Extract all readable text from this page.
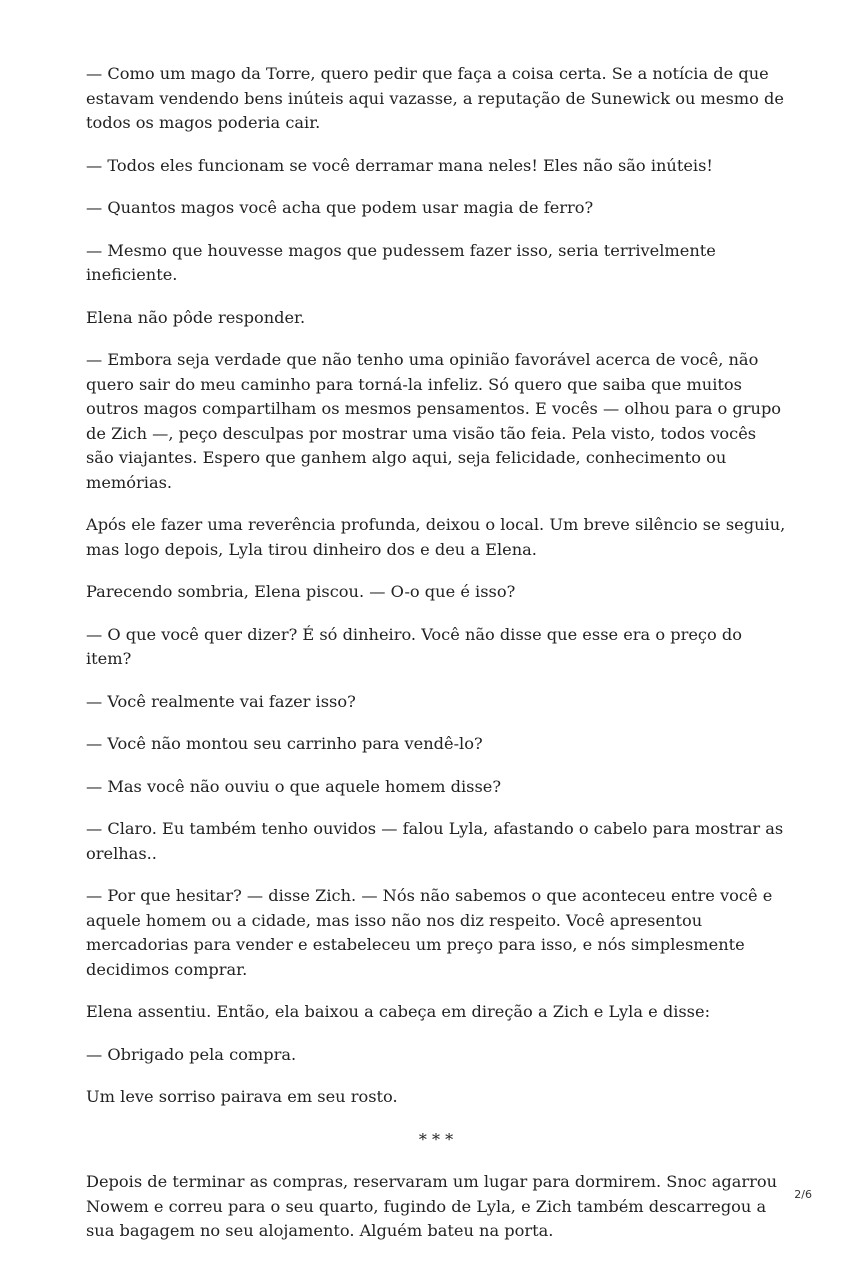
— Como um mago da Torre, quero pedir que faça a coisa certa. Se a notícia de que estavam vendendo bens inúteis aqui vazasse, a reputação de Sunewick ou mesmo de todos os magos poderia cair.

— Todos eles funcionam se você derramar mana neles! Eles não são inúteis!

— Quantos magos você acha que podem usar magia de ferro?

— Mesmo que houvesse magos que pudessem fazer isso, seria terrivelmente ineficiente.

Elena não pôde responder.

— Embora seja verdade que não tenho uma opinião favorável acerca de você, não quero sair do meu caminho para torná-la infeliz. Só quero que saiba que muitos outros magos compartilham os mesmos pensamentos. E vocês — olhou para o grupo de Zich —, peço desculpas por mostrar uma visão tão feia. Pela visto, todos vocês são viajantes. Espero que ganhem algo aqui, seja felicidade, conhecimento ou memórias.

Após ele fazer uma reverência profunda, deixou o local. Um breve silêncio se seguiu, mas logo depois, Lyla tirou dinheiro dos e deu a Elena.

Parecendo sombria, Elena piscou. — O-o que é isso?

— O que você quer dizer? É só dinheiro. Você não disse que esse era o preço do item?

— Você realmente vai fazer isso?

— Você não montou seu carrinho para vendê-lo?

— Mas você não ouviu o que aquele homem disse?

— Claro. Eu também tenho ouvidos — falou Lyla, afastando o cabelo para mostrar as orelhas..

— Por que hesitar? — disse Zich. — Nós não sabemos o que aconteceu entre você e aquele homem ou a cidade, mas isso não nos diz respeito. Você apresentou mercadorias para vender e estabeleceu um preço para isso, e nós simplesmente decidimos comprar.

Elena assentiu. Então, ela baixou a cabeça em direção a Zich e Lyla e disse:

— Obrigado pela compra.

Um leve sorriso pairava em seu rosto.

* * *

Depois de terminar as compras, reservaram um lugar para dormirem. Snoc agarrou Nowem e correu para o seu quarto, fugindo de Lyla, e Zich também descarregou a sua bagagem no seu alojamento. Alguém bateu na porta.

2/6
